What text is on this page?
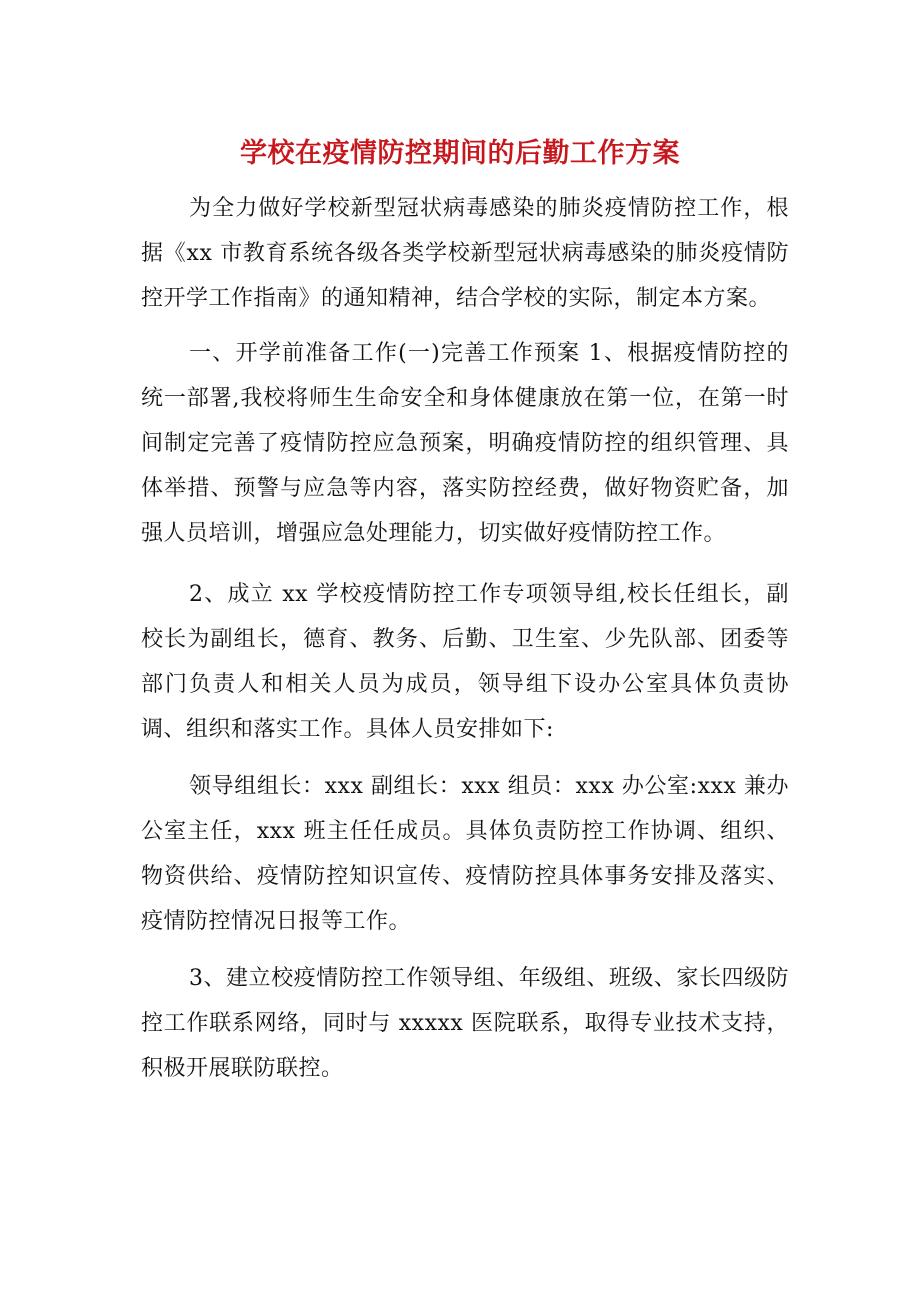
学校在疫情防控期间的后勤工作方案

为全力做好学校新型冠状病毒感染的肺炎疫情防控工作，根据《xx 市教育系统各级各类学校新型冠状病毒感染的肺炎疫情防控开学工作指南》的通知精神，结合学校的实际，制定本方案。

一、开学前准备工作(一)完善工作预案 1、根据疫情防控的统一部署,我校将师生生命安全和身体健康放在第一位，在第一时间制定完善了疫情防控应急预案，明确疫情防控的组织管理、具体举措、预警与应急等内容，落实防控经费，做好物资贮备，加强人员培训，增强应急处理能力，切实做好疫情防控工作。

2、成立 xx 学校疫情防控工作专项领导组,校长任组长，副校长为副组长，德育、教务、后勤、卫生室、少先队部、团委等部门负责人和相关人员为成员，领导组下设办公室具体负责协调、组织和落实工作。具体人员安排如下:

领导组组长：xxx 副组长：xxx 组员：xxx 办公室:xxx 兼办公室主任，xxx 班主任任成员。具体负责防控工作协调、组织、物资供给、疫情防控知识宣传、疫情防控具体事务安排及落实、疫情防控情况日报等工作。

3、建立校疫情防控工作领导组、年级组、班级、家长四级防控工作联系网络，同时与 xxxxx 医院联系，取得专业技术支持，积极开展联防联控。
